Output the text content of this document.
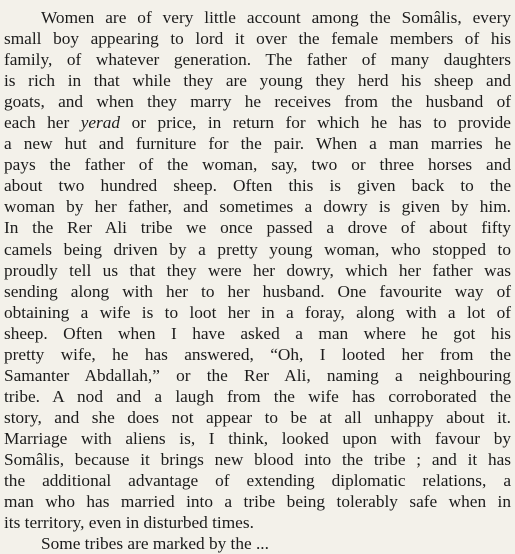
Women are of very little account among the Somâlis, every
small boy appearing to lord it over the female members of his
family, of whatever generation. The father of many daughters
is rich in that while they are young they herd his sheep and
goats, and when they marry he receives from the husband of
each her yerad or price, in return for which he has to provide
a new hut and furniture for the pair. When a man marries he
pays the father of the woman, say, two or three horses and
about two hundred sheep. Often this is given back to the
woman by her father, and sometimes a dowry is given by him.
In the Rer Ali tribe we once passed a drove of about fifty
camels being driven by a pretty young woman, who stopped to
proudly tell us that they were her dowry, which her father was
sending along with her to her husband. One favourite way of
obtaining a wife is to loot her in a foray, along with a lot of
sheep. Often when I have asked a man where he got his
pretty wife, he has answered, “Oh, I looted her from the
Samanter Abdallah,” or the Rer Ali, naming a neighbouring
tribe. A nod and a laugh from the wife has corroborated the
story, and she does not appear to be at all unhappy about it.
Marriage with aliens is, I think, looked upon with favour by
Somâlis, because it brings new blood into the tribe ; and it has
the additional advantage of extending diplomatic relations, a
man who has married into a tribe being tolerably safe when in
its territory, even in disturbed times.
Some tribes are marked by the ...
